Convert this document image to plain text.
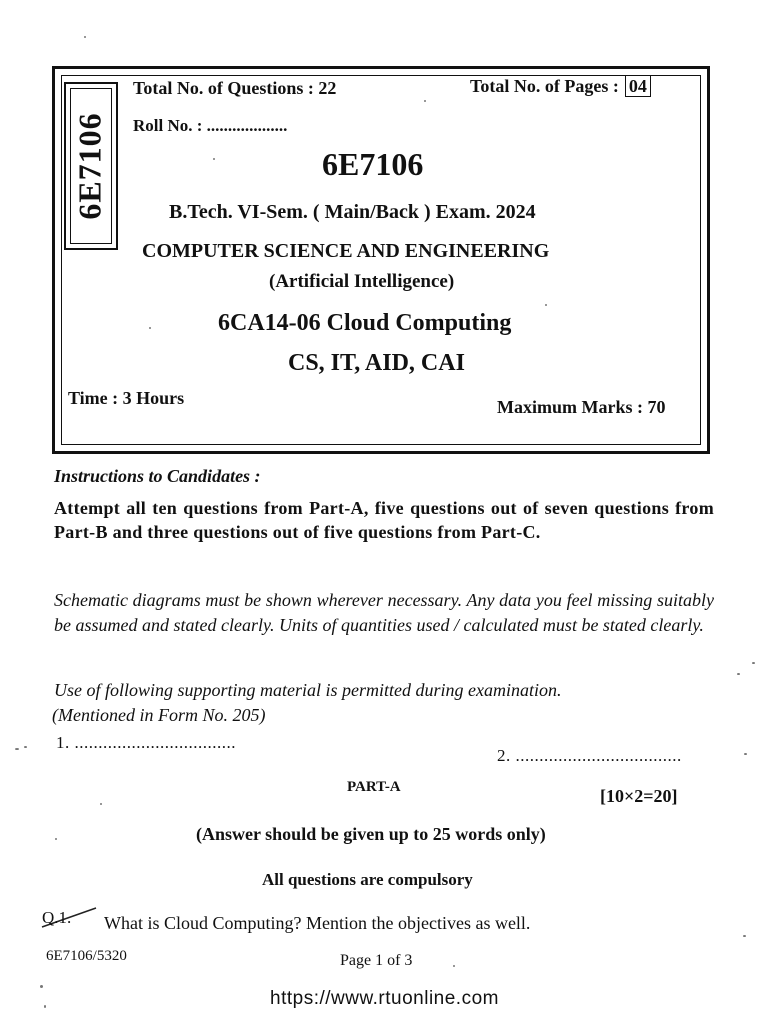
6E7106
Total No. of Questions : 22	Total No. of Pages : 04
Roll No. : ...................
6E7106
B.Tech. VI-Sem. ( Main/Back ) Exam. 2024
COMPUTER SCIENCE AND ENGINEERING
(Artificial Intelligence)
6CA14-06 Cloud Computing
CS, IT, AID, CAI
Time : 3 Hours	Maximum Marks : 70
Instructions to Candidates :
Attempt all ten questions from Part-A, five questions out of seven questions from Part-B and three questions out of five questions from Part-C.
Schematic diagrams must be shown wherever necessary. Any data you feel missing suitably be assumed and stated clearly. Units of quantities used / calculated must be stated clearly.
Use of following supporting material is permitted during examination.
(Mentioned in Form No. 205)
1. ..................................
2. ...................................
PART-A	[10×2=20]
(Answer should be given up to 25 words only)
All questions are compulsory
Q.1. What is Cloud Computing? Mention the objectives as well.
6E7106/5320	Page 1 of 3
https://www.rtuonline.com
